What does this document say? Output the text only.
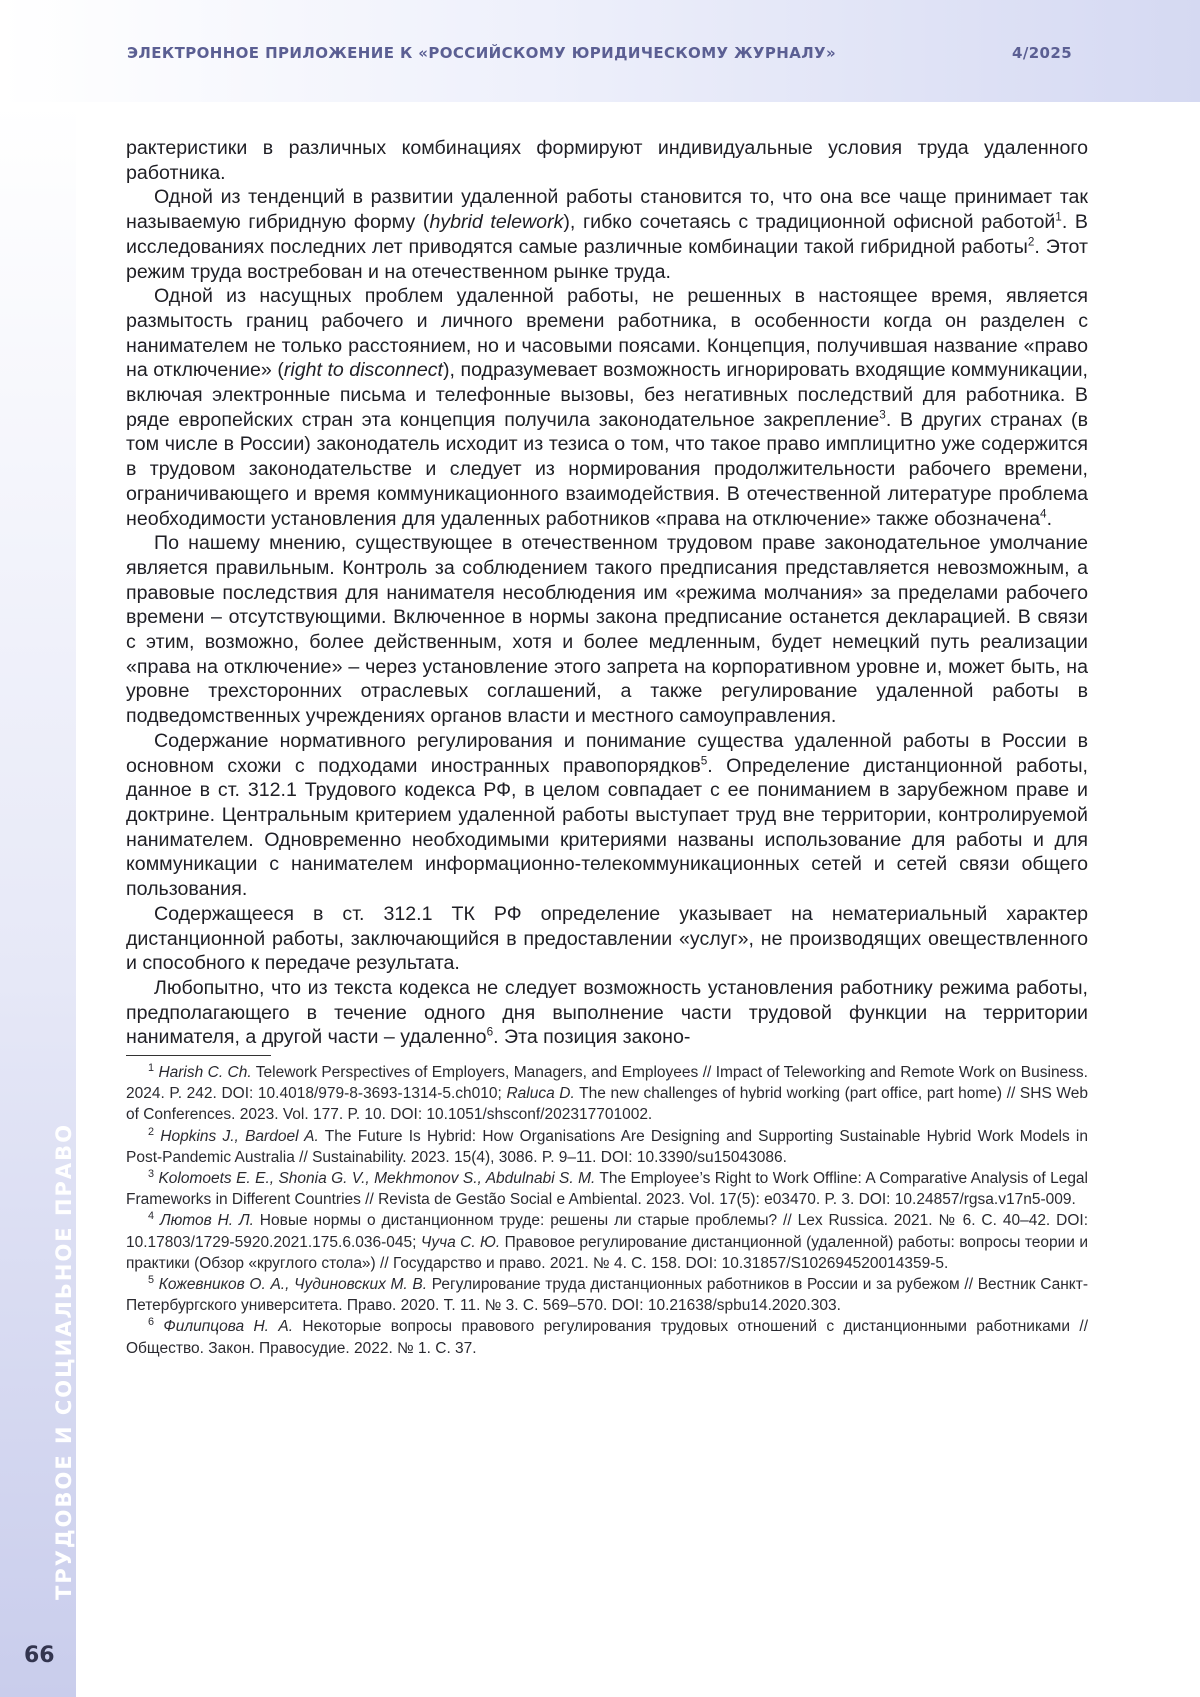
ЭЛЕКТРОННОЕ ПРИЛОЖЕНИЕ К «РОССИЙСКОМУ ЮРИДИЧЕСКОМУ ЖУРНАЛУ»	4/2025
ТРУДОВОЕ И СОЦИАЛЬНОЕ ПРАВО
66

рактеристики в различных комбинациях формируют индивидуальные условия труда удаленного работника.

Одной из тенденций в развитии удаленной работы становится то, что она все чаще принимает так называемую гибридную форму (hybrid telework), гибко сочетаясь с традиционной офисной работой$^1$. В исследованиях последних лет приводятся самые различные комбинации такой гибридной работы$^2$. Этот режим труда востребован и на отечественном рынке труда.

Одной из насущных проблем удаленной работы, не решенных в настоящее время, является размытость границ рабочего и личного времени работника, в особенности когда он разделен с нанимателем не только расстоянием, но и часовыми поясами. Концепция, получившая название «право на отключение» (right to disconnect), подразумевает возможность игнорировать входящие коммуникации, включая электронные письма и телефонные вызовы, без негативных последствий для работника. В ряде европейских стран эта концепция получила законодательное закрепление$^3$. В других странах (в том числе в России) законодатель исходит из тезиса о том, что такое право имплицитно уже содержится в трудовом законодательстве и следует из нормирования продолжительности рабочего времени, ограничивающего и время коммуникационного взаимодействия. В отечественной литературе проблема необходимости установления для удаленных работников «права на отключение» также обозначена$^4$.

По нашему мнению, существующее в отечественном трудовом праве законодательное умолчание является правильным. Контроль за соблюдением такого предписания представляется невозможным, а правовые последствия для нанимателя несоблюдения им «режима молчания» за пределами рабочего времени – отсутствующими. Включенное в нормы закона предписание останется декларацией. В связи с этим, возможно, более действенным, хотя и более медленным, будет немецкий путь реализации «права на отключение» – через установление этого запрета на корпоративном уровне и, может быть, на уровне трехсторонних отраслевых соглашений, а также регулирование удаленной работы в подведомственных учреждениях органов власти и местного самоуправления.

Содержание нормативного регулирования и понимание существа удаленной работы в России в основном схожи с подходами иностранных правопорядков$^5$. Определение дистанционной работы, данное в ст. 312.1 Трудового кодекса РФ, в целом совпадает с ее пониманием в зарубежном праве и доктрине. Центральным критерием удаленной работы выступает труд вне территории, контролируемой нанимателем. Одновременно необходимыми критериями названы использование для работы и для коммуникации с нанимателем информационно-телекоммуникационных сетей и сетей связи общего пользования.

Содержащееся в ст. 312.1 ТК РФ определение указывает на нематериальный характер дистанционной работы, заключающийся в предоставлении «услуг», не производящих овеществленного и способного к передаче результата.

Любопытно, что из текста кодекса не следует возможность установления работнику режима работы, предполагающего в течение одного дня выполнение части трудовой функции на территории нанимателя, а другой части – удаленно$^6$. Эта позиция законо-

$^1$ Harish C. Ch. Telework Perspectives of Employers, Managers, and Employees // Impact of Teleworking and Remote Work on Business. 2024. P. 242. DOI: 10.4018/979-8-3693-1314-5.ch010; Raluca D. The new challenges of hybrid working (part office, part home) // SHS Web of Conferences. 2023. Vol. 177. P. 10. DOI: 10.1051/shsconf/202317701002.

$^2$ Hopkins J., Bardoel A. The Future Is Hybrid: How Organisations Are Designing and Supporting Sustainable Hybrid Work Models in Post-Pandemic Australia // Sustainability. 2023. 15(4), 3086. P. 9–11. DOI: 10.3390/su15043086.

$^3$ Kolomoets E. E., Shonia G. V., Mekhmonov S., Abdulnabi S. M. The Employee’s Right to Work Offline: A Comparative Analysis of Legal Frameworks in Different Countries // Revista de Gestão Social e Ambiental. 2023. Vol. 17(5): e03470. P. 3. DOI: 10.24857/rgsa.v17n5-009.

$^4$ Лютов Н. Л. Новые нормы о дистанционном труде: решены ли старые проблемы? // Lex Russica. 2021. № 6. С. 40–42. DOI: 10.17803/1729-5920.2021.175.6.036-045; Чуча С. Ю. Правовое регулирование дистанционной (удаленной) работы: вопросы теории и практики (Обзор «круглого стола») // Государство и право. 2021. № 4. С. 158. DOI: 10.31857/S102694520014359-5.

$^5$ Кожевников О. А., Чудиновских М. В. Регулирование труда дистанционных работников в России и за рубежом // Вестник Санкт-Петербургского университета. Право. 2020. Т. 11. № 3. С. 569–570. DOI: 10.21638/spbu14.2020.303.

$^6$ Филипцова Н. А. Некоторые вопросы правового регулирования трудовых отношений с дистанционными работниками // Общество. Закон. Правосудие. 2022. № 1. С. 37.
